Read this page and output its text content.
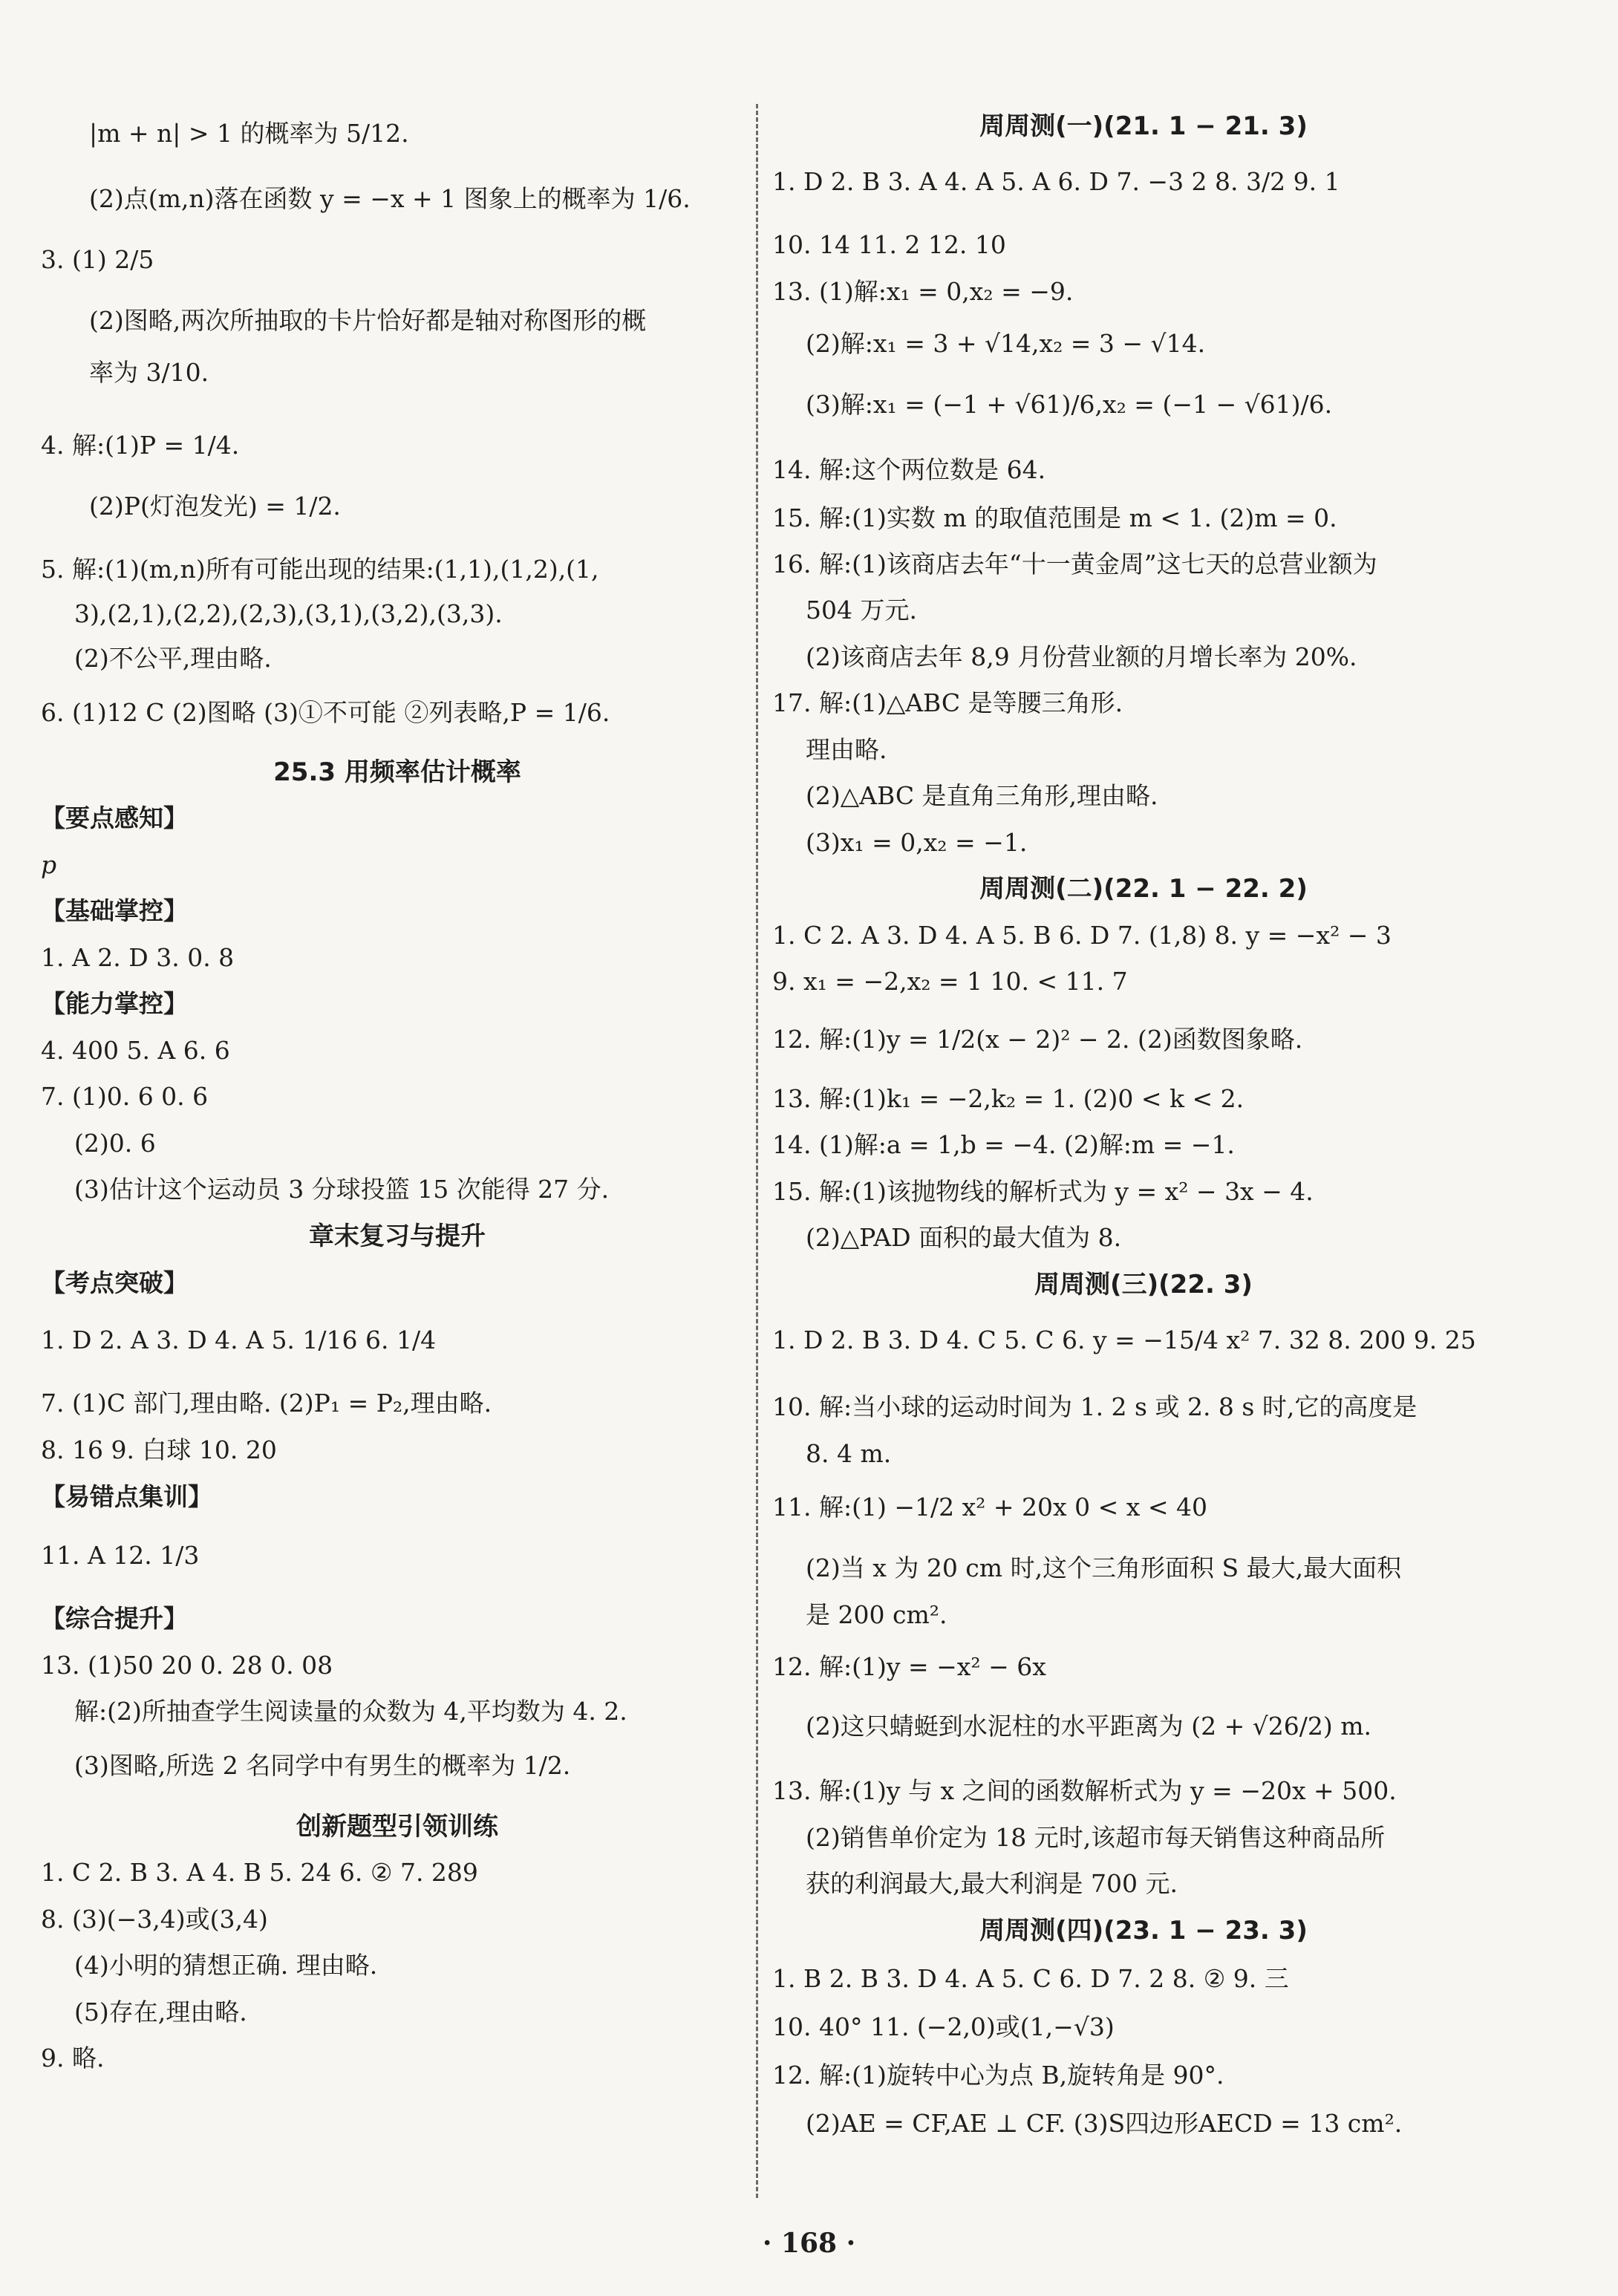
|m + n| > 1 的概率为 5/12.
(2)点(m,n)落在函数 y = −x + 1 图象上的概率为 1/6.
3. (1) 2/5
(2)图略,两次所抽取的卡片恰好都是轴对称图形的概
率为 3/10.
4. 解:(1)P = 1/4.
(2)P(灯泡发光) = 1/2.
5. 解:(1)(m,n)所有可能出现的结果:(1,1),(1,2),(1,
3),(2,1),(2,2),(2,3),(3,1),(3,2),(3,3).
(2)不公平,理由略.
6. (1)12 C (2)图略 (3)①不可能 ②列表略,P = 1/6.
25.3 用频率估计概率
【要点感知】
p
【基础掌控】
1. A 2. D 3. 0. 8
【能力掌控】
4. 400 5. A 6. 6
7. (1)0. 6 0. 6
(2)0. 6
(3)估计这个运动员 3 分球投篮 15 次能得 27 分.
章末复习与提升
【考点突破】
1. D 2. A 3. D 4. A 5. 1/16 6. 1/4
7. (1)C 部门,理由略. (2)P₁ = P₂,理由略.
8. 16 9. 白球 10. 20
【易错点集训】
11. A 12. 1/3
【综合提升】
13. (1)50 20 0. 28 0. 08
解:(2)所抽查学生阅读量的众数为 4,平均数为 4. 2.
(3)图略,所选 2 名同学中有男生的概率为 1/2.
创新题型引领训练
1. C 2. B 3. A 4. B 5. 24 6. ② 7. 289
8. (3)(−3,4)或(3,4)
(4)小明的猜想正确. 理由略.
(5)存在,理由略.
9. 略.
周周测(一)(21. 1 − 21. 3)
1. D 2. B 3. A 4. A 5. A 6. D 7. −3 2 8. 3/2 9. 1
10. 14 11. 2 12. 10
13. (1)解:x₁ = 0,x₂ = −9.
(2)解:x₁ = 3 + √14,x₂ = 3 − √14.
(3)解:x₁ = (−1 + √61)/6,x₂ = (−1 − √61)/6.
14. 解:这个两位数是 64.
15. 解:(1)实数 m 的取值范围是 m < 1. (2)m = 0.
16. 解:(1)该商店去年“十一黄金周”这七天的总营业额为
504 万元.
(2)该商店去年 8,9 月份营业额的月增长率为 20%.
17. 解:(1)△ABC 是等腰三角形.
理由略.
(2)△ABC 是直角三角形,理由略.
(3)x₁ = 0,x₂ = −1.
周周测(二)(22. 1 − 22. 2)
1. C 2. A 3. D 4. A 5. B 6. D 7. (1,8) 8. y = −x² − 3
9. x₁ = −2,x₂ = 1 10. < 11. 7
12. 解:(1)y = 1/2(x − 2)² − 2. (2)函数图象略.
13. 解:(1)k₁ = −2,k₂ = 1. (2)0 < k < 2.
14. (1)解:a = 1,b = −4. (2)解:m = −1.
15. 解:(1)该抛物线的解析式为 y = x² − 3x − 4.
(2)△PAD 面积的最大值为 8.
周周测(三)(22. 3)
1. D 2. B 3. D 4. C 5. C 6. y = −15/4 x² 7. 32 8. 200 9. 25
10. 解:当小球的运动时间为 1. 2 s 或 2. 8 s 时,它的高度是
8. 4 m.
11. 解:(1) −1/2 x² + 20x 0 < x < 40
(2)当 x 为 20 cm 时,这个三角形面积 S 最大,最大面积
是 200 cm².
12. 解:(1)y = −x² − 6x
(2)这只蜻蜓到水泥柱的水平距离为 (2 + √26/2) m.
13. 解:(1)y 与 x 之间的函数解析式为 y = −20x + 500.
(2)销售单价定为 18 元时,该超市每天销售这种商品所
获的利润最大,最大利润是 700 元.
周周测(四)(23. 1 − 23. 3)
1. B 2. B 3. D 4. A 5. C 6. D 7. 2 8. ② 9. 三
10. 40° 11. (−2,0)或(1,−√3)
12. 解:(1)旋转中心为点 B,旋转角是 90°.
(2)AE = CF,AE ⊥ CF. (3)S四边形AECD = 13 cm².
· 168 ·
